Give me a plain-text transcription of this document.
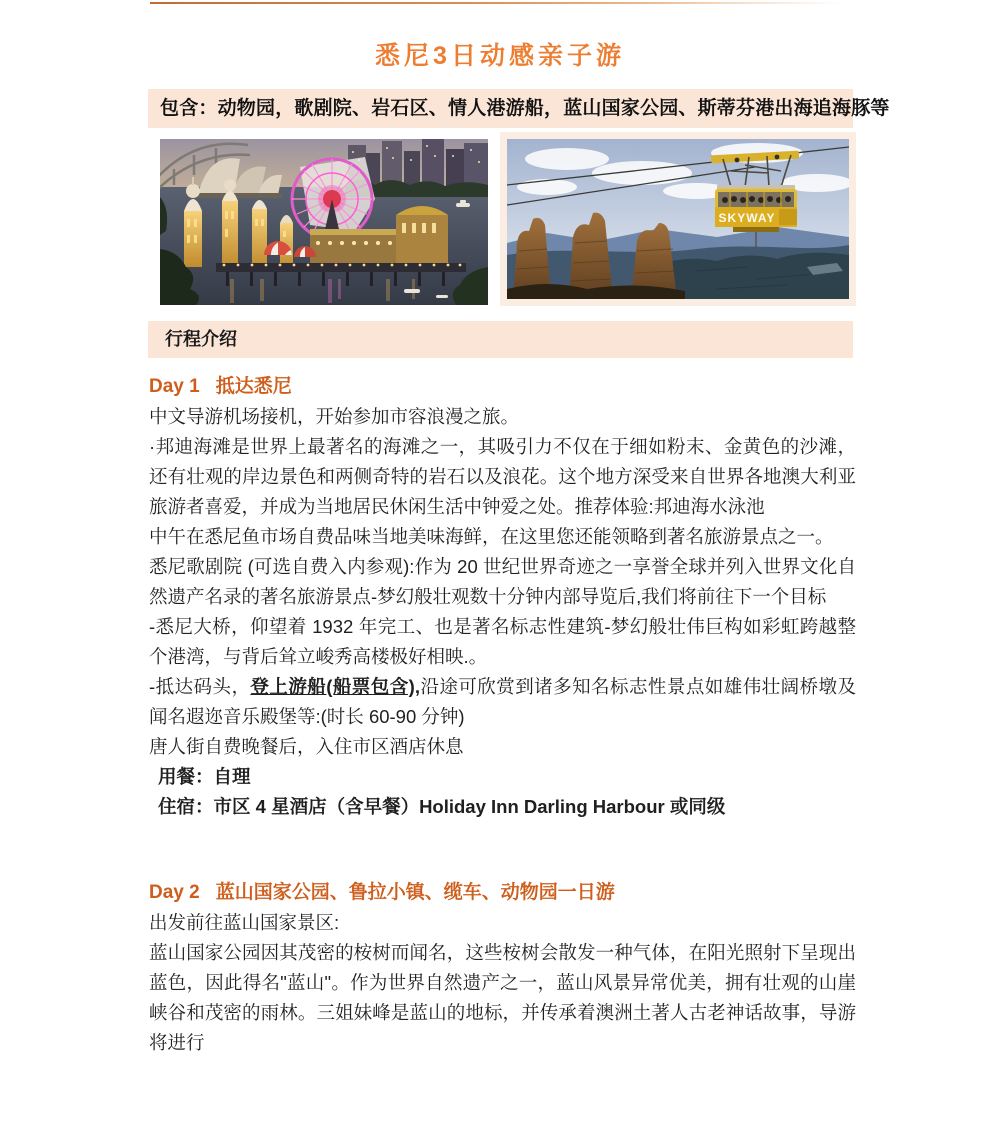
悉尼3日动感亲子游
包含：动物园，歌剧院、岩石区、情人港游船，蓝山国家公园、斯蒂芬港出海追海豚等
SKYWAY
行程介绍
Day 1 抵达悉尼

中文导游机场接机，开始参加市容浪漫之旅。

·邦迪海滩是世界上最著名的海滩之一，其吸引力不仅在于细如粉末、金黄色的沙滩，还有壮观的岸边景色和两侧奇特的岩石以及浪花。这个地方深受来自世界各地澳大利亚旅游者喜爱，并成为当地居民休闲生活中钟爱之处。推荐体验:邦迪海水泳池

中午在悉尼鱼市场自费品味当地美味海鲜，在这里您还能领略到著名旅游景点之一。

悉尼歌剧院 (可选自费入内参观):作为 20 世纪世界奇迹之一享誉全球并列入世界文化自然遗产名录的著名旅游景点-梦幻般壮观数十分钟内部导览后,我们将前往下一个目标

-悉尼大桥，仰望着 1932 年完工、也是著名标志性建筑-梦幻般壮伟巨构如彩虹跨越整个港湾，与背后耸立峻秀高楼极好相映.。

-抵达码头，登上游船(船票包含),沿途可欣赏到诸多知名标志性景点如雄伟壮阔桥墩及闻名遐迩音乐殿堡等:(时长 60-90 分钟)

唐人街自费晚餐后，入住市区酒店休息

用餐：自理

住宿：市区 4 星酒店（含早餐）Holiday Inn Darling Harbour 或同级

Day 2 蓝山国家公园、鲁拉小镇、缆车、动物园一日游

出发前往蓝山国家景区:

蓝山国家公园因其茂密的桉树而闻名，这些桉树会散发一种气体，在阳光照射下呈现出蓝色，因此得名"蓝山"。作为世界自然遗产之一，蓝山风景异常优美，拥有壮观的山崖峡谷和茂密的雨林。三姐妹峰是蓝山的地标，并传承着澳洲土著人古老神话故事，导游将进行
